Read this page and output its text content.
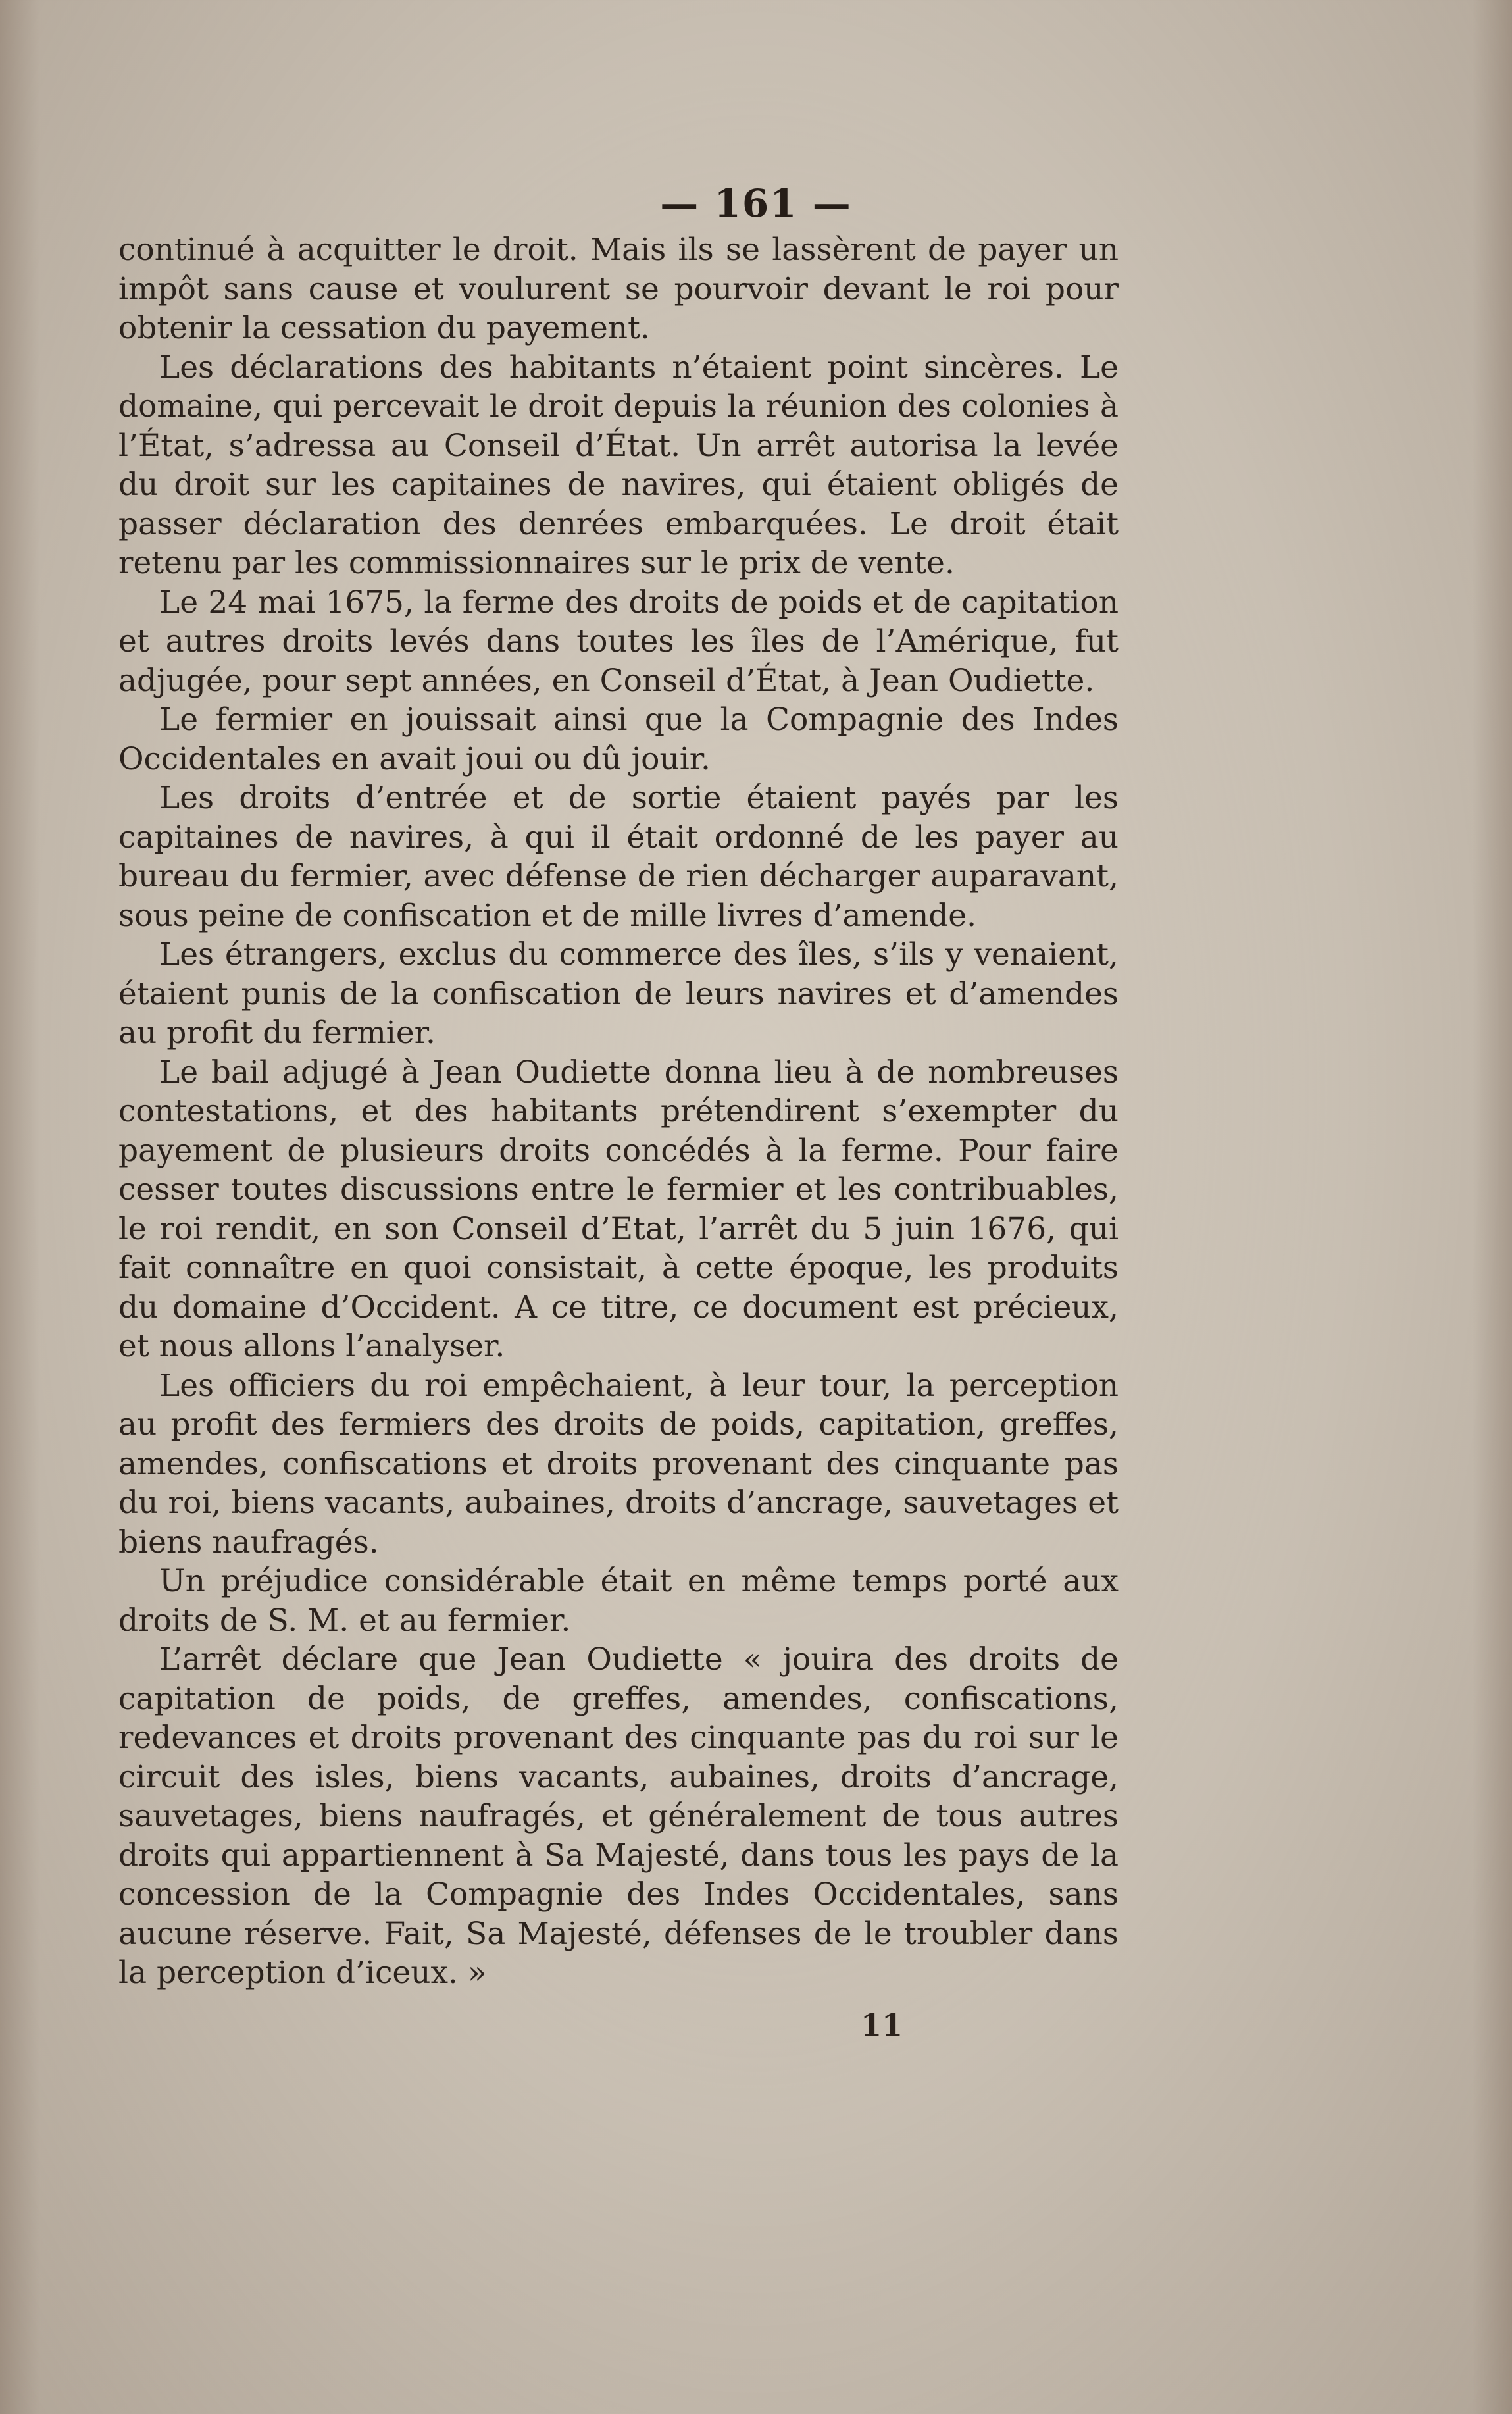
— 161 —

continué à acquitter le droit. Mais ils se lassèrent de payer un impôt sans cause et voulurent se pourvoir devant le roi pour obtenir la cessation du payement.

Les déclarations des habitants n’étaient point sincères. Le domaine, qui percevait le droit depuis la réunion des colonies à l’État, s’adressa au Conseil d’État. Un arrêt autorisa la levée du droit sur les capitaines de navires, qui étaient obligés de passer déclaration des denrées embarquées. Le droit était retenu par les commissionnaires sur le prix de vente.

Le 24 mai 1675, la ferme des droits de poids et de capitation et autres droits levés dans toutes les îles de l’Amérique, fut adjugée, pour sept années, en Conseil d’État, à Jean Oudiette.

Le fermier en jouissait ainsi que la Compagnie des Indes Occidentales en avait joui ou dû jouir.

Les droits d’entrée et de sortie étaient payés par les capitaines de navires, à qui il était ordonné de les payer au bureau du fermier, avec défense de rien décharger auparavant, sous peine de confiscation et de mille livres d’amende.

Les étrangers, exclus du commerce des îles, s’ils y venaient, étaient punis de la confiscation de leurs navires et d’amendes au profit du fermier.

Le bail adjugé à Jean Oudiette donna lieu à de nombreuses contestations, et des habitants prétendirent s’exempter du payement de plusieurs droits concédés à la ferme. Pour faire cesser toutes discussions entre le fermier et les contribuables, le roi rendit, en son Conseil d’Etat, l’arrêt du 5 juin 1676, qui fait connaître en quoi consistait, à cette époque, les produits du domaine d’Occident. A ce titre, ce document est précieux, et nous allons l’analyser.

Les officiers du roi empêchaient, à leur tour, la perception au profit des fermiers des droits de poids, capitation, greffes, amendes, confiscations et droits provenant des cinquante pas du roi, biens vacants, aubaines, droits d’ancrage, sauvetages et biens naufragés.

Un préjudice considérable était en même temps porté aux droits de S. M. et au fermier.

L’arrêt déclare que Jean Oudiette « jouira des droits de capitation de poids, de greffes, amendes, confiscations, redevances et droits provenant des cinquante pas du roi sur le circuit des isles, biens vacants, aubaines, droits d’ancrage, sauvetages, biens naufragés, et généralement de tous autres droits qui appartiennent à Sa Majesté, dans tous les pays de la concession de la Compagnie des Indes Occidentales, sans aucune réserve. Fait, Sa Majesté, défenses de le troubler dans la perception d’iceux. »

11
